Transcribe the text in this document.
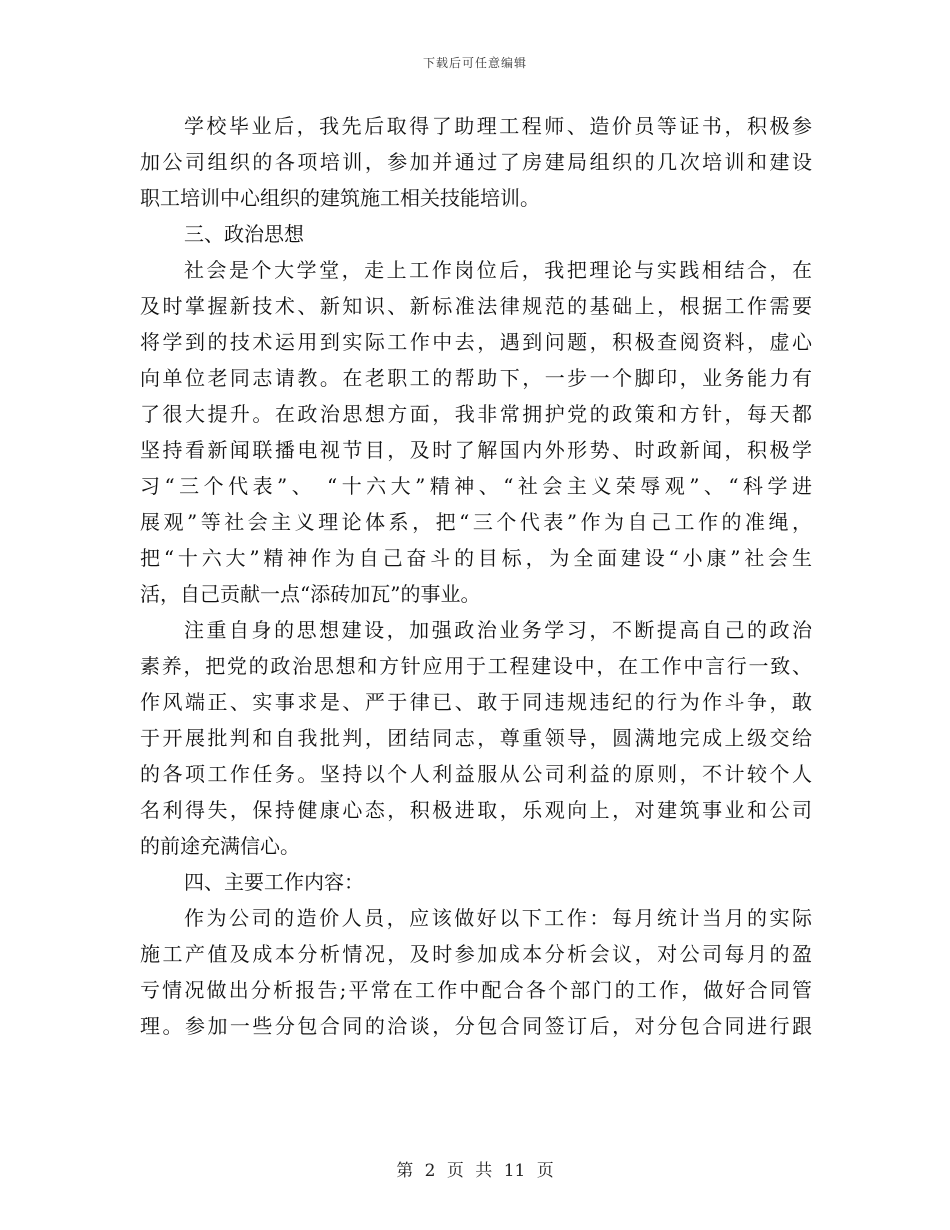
下载后可任意编辑
学校毕业后，我先后取得了助理工程师、造价员等证书，积极参
加公司组织的各项培训，参加并通过了房建局组织的几次培训和建设
职工培训中心组织的建筑施工相关技能培训。
三、政治思想
社会是个大学堂，走上工作岗位后，我把理论与实践相结合，在
及时掌握新技术、新知识、新标准法律规范的基础上，根据工作需要
将学到的技术运用到实际工作中去，遇到问题，积极查阅资料，虚心
向单位老同志请教。在老职工的帮助下，一步一个脚印，业务能力有
了很大提升。在政治思想方面，我非常拥护党的政策和方针，每天都
坚持看新闻联播电视节目，及时了解国内外形势、时政新闻，积极学
习“三个代表”、 “十六大”精神、“社会主义荣辱观”、“科学进
展观”等社会主义理论体系，把“三个代表”作为自己工作的准绳，
把“十六大”精神作为自己奋斗的目标，为全面建设“小康”社会生
活，自己贡献一点“添砖加瓦”的事业。
注重自身的思想建设，加强政治业务学习，不断提高自己的政治
素养，把党的政治思想和方针应用于工程建设中，在工作中言行一致、
作风端正、实事求是、严于律已、敢于同违规违纪的行为作斗争，敢
于开展批判和自我批判，团结同志，尊重领导，圆满地完成上级交给
的各项工作任务。坚持以个人利益服从公司利益的原则，不计较个人
名利得失，保持健康心态，积极进取，乐观向上，对建筑事业和公司
的前途充满信心。
四、主要工作内容：
作为公司的造价人员，应该做好以下工作：每月统计当月的实际
施工产值及成本分析情况，及时参加成本分析会议，对公司每月的盈
亏情况做出分析报告;平常在工作中配合各个部门的工作，做好合同管
理。参加一些分包合同的洽谈，分包合同签订后，对分包合同进行跟
第 2 页 共 11 页
